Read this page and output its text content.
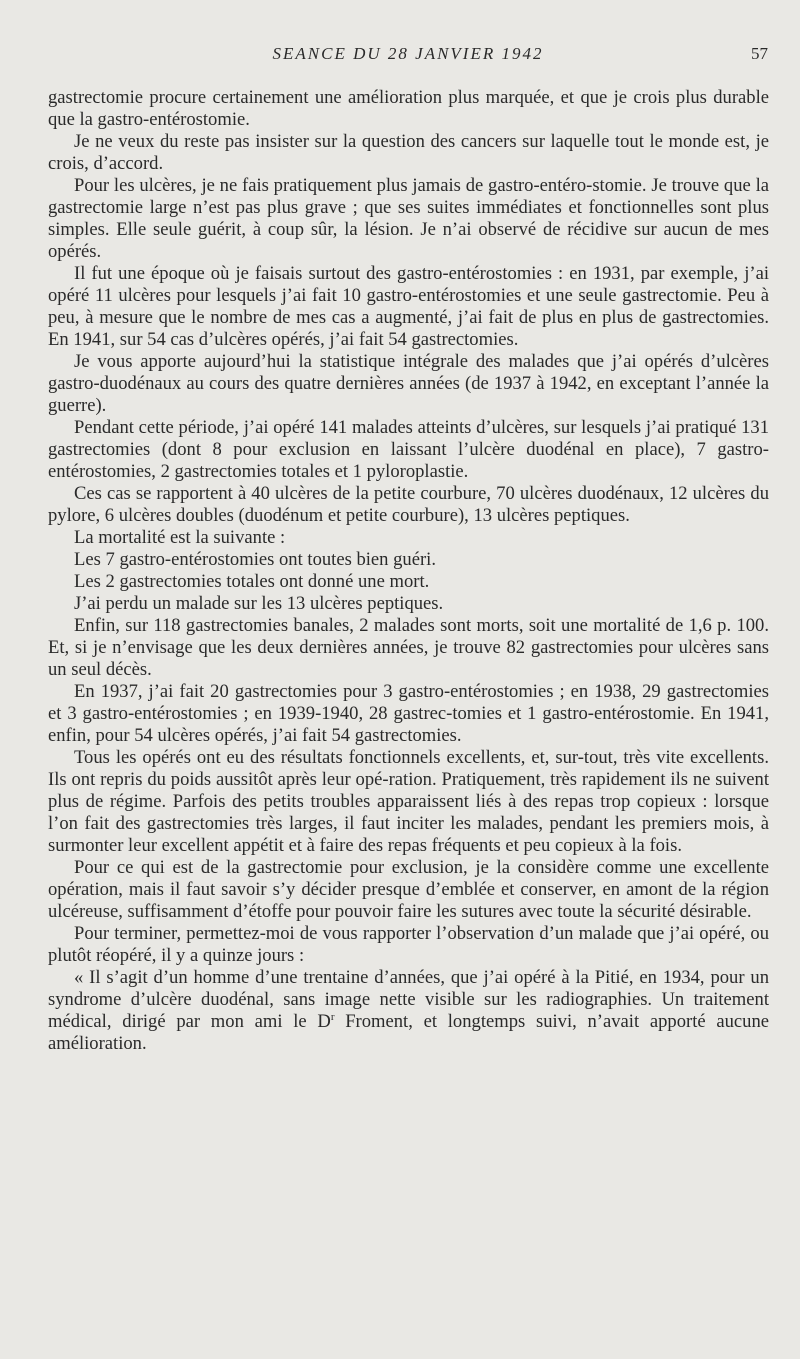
SEANCE DU 28 JANVIER 1942	57

gastrectomie procure certainement une amélioration plus marquée, et que je crois plus durable que la gastro-entérostomie.

Je ne veux du reste pas insister sur la question des cancers sur laquelle tout le monde est, je crois, d’accord.

Pour les ulcères, je ne fais pratiquement plus jamais de gastro-entéro-stomie. Je trouve que la gastrectomie large n’est pas plus grave ; que ses suites immédiates et fonctionnelles sont plus simples. Elle seule guérit, à coup sûr, la lésion. Je n’ai observé de récidive sur aucun de mes opérés.

Il fut une époque où je faisais surtout des gastro-entérostomies : en 1931, par exemple, j’ai opéré 11 ulcères pour lesquels j’ai fait 10 gastro-entérostomies et une seule gastrectomie. Peu à peu, à mesure que le nombre de mes cas a augmenté, j’ai fait de plus en plus de gastrectomies. En 1941, sur 54 cas d’ulcères opérés, j’ai fait 54 gastrectomies.

Je vous apporte aujourd’hui la statistique intégrale des malades que j’ai opérés d’ulcères gastro-duodénaux au cours des quatre dernières années (de 1937 à 1942, en exceptant l’année la guerre).

Pendant cette période, j’ai opéré 141 malades atteints d’ulcères, sur lesquels j’ai pratiqué 131 gastrectomies (dont 8 pour exclusion en laissant l’ulcère duodénal en place), 7 gastro-entérostomies, 2 gastrectomies totales et 1 pyloroplastie.

Ces cas se rapportent à 40 ulcères de la petite courbure, 70 ulcères duodénaux, 12 ulcères du pylore, 6 ulcères doubles (duodénum et petite courbure), 13 ulcères peptiques.

La mortalité est la suivante :

Les 7 gastro-entérostomies ont toutes bien guéri.

Les 2 gastrectomies totales ont donné une mort.

J’ai perdu un malade sur les 13 ulcères peptiques.

Enfin, sur 118 gastrectomies banales, 2 malades sont morts, soit une mortalité de 1,6 p. 100. Et, si je n’envisage que les deux dernières années, je trouve 82 gastrectomies pour ulcères sans un seul décès.

En 1937, j’ai fait 20 gastrectomies pour 3 gastro-entérostomies ; en 1938, 29 gastrectomies et 3 gastro-entérostomies ; en 1939-1940, 28 gastrec-tomies et 1 gastro-entérostomie. En 1941, enfin, pour 54 ulcères opérés, j’ai fait 54 gastrectomies.

Tous les opérés ont eu des résultats fonctionnels excellents, et, sur-tout, très vite excellents. Ils ont repris du poids aussitôt après leur opé-ration. Pratiquement, très rapidement ils ne suivent plus de régime. Parfois des petits troubles apparaissent liés à des repas trop copieux : lorsque l’on fait des gastrectomies très larges, il faut inciter les malades, pendant les premiers mois, à surmonter leur excellent appétit et à faire des repas fréquents et peu copieux à la fois.

Pour ce qui est de la gastrectomie pour exclusion, je la considère comme une excellente opération, mais il faut savoir s’y décider presque d’emblée et conserver, en amont de la région ulcéreuse, suffisamment d’étoffe pour pouvoir faire les sutures avec toute la sécurité désirable.

Pour terminer, permettez-moi de vous rapporter l’observation d’un malade que j’ai opéré, ou plutôt réopéré, il y a quinze jours :

« Il s’agit d’un homme d’une trentaine d’années, que j’ai opéré à la Pitié, en 1934, pour un syndrome d’ulcère duodénal, sans image nette visible sur les radiographies. Un traitement médical, dirigé par mon ami le $D^r$ Froment, et longtemps suivi, n’avait apporté aucune amélioration.
